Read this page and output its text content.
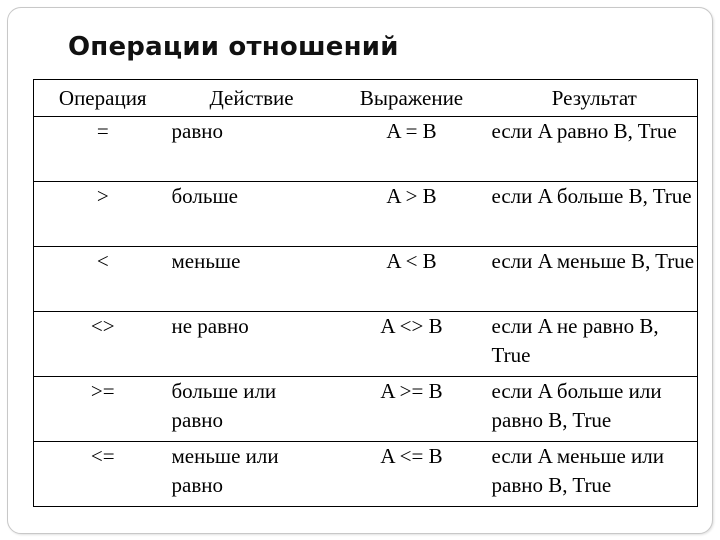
Операции отношений
Операция	Действие	Выражение	Результат
=	равно	A = B	если A равно B, True
>	больше	A > B	если A больше B, True
<	меньше	A < B	если A меньше B, True
<>	не равно	A <> B	если A не равно B, True
>=	больше или равно	A >= B	если A больше или равно B, True
<=	меньше или равно	A <= B	если A меньше или равно B, True
